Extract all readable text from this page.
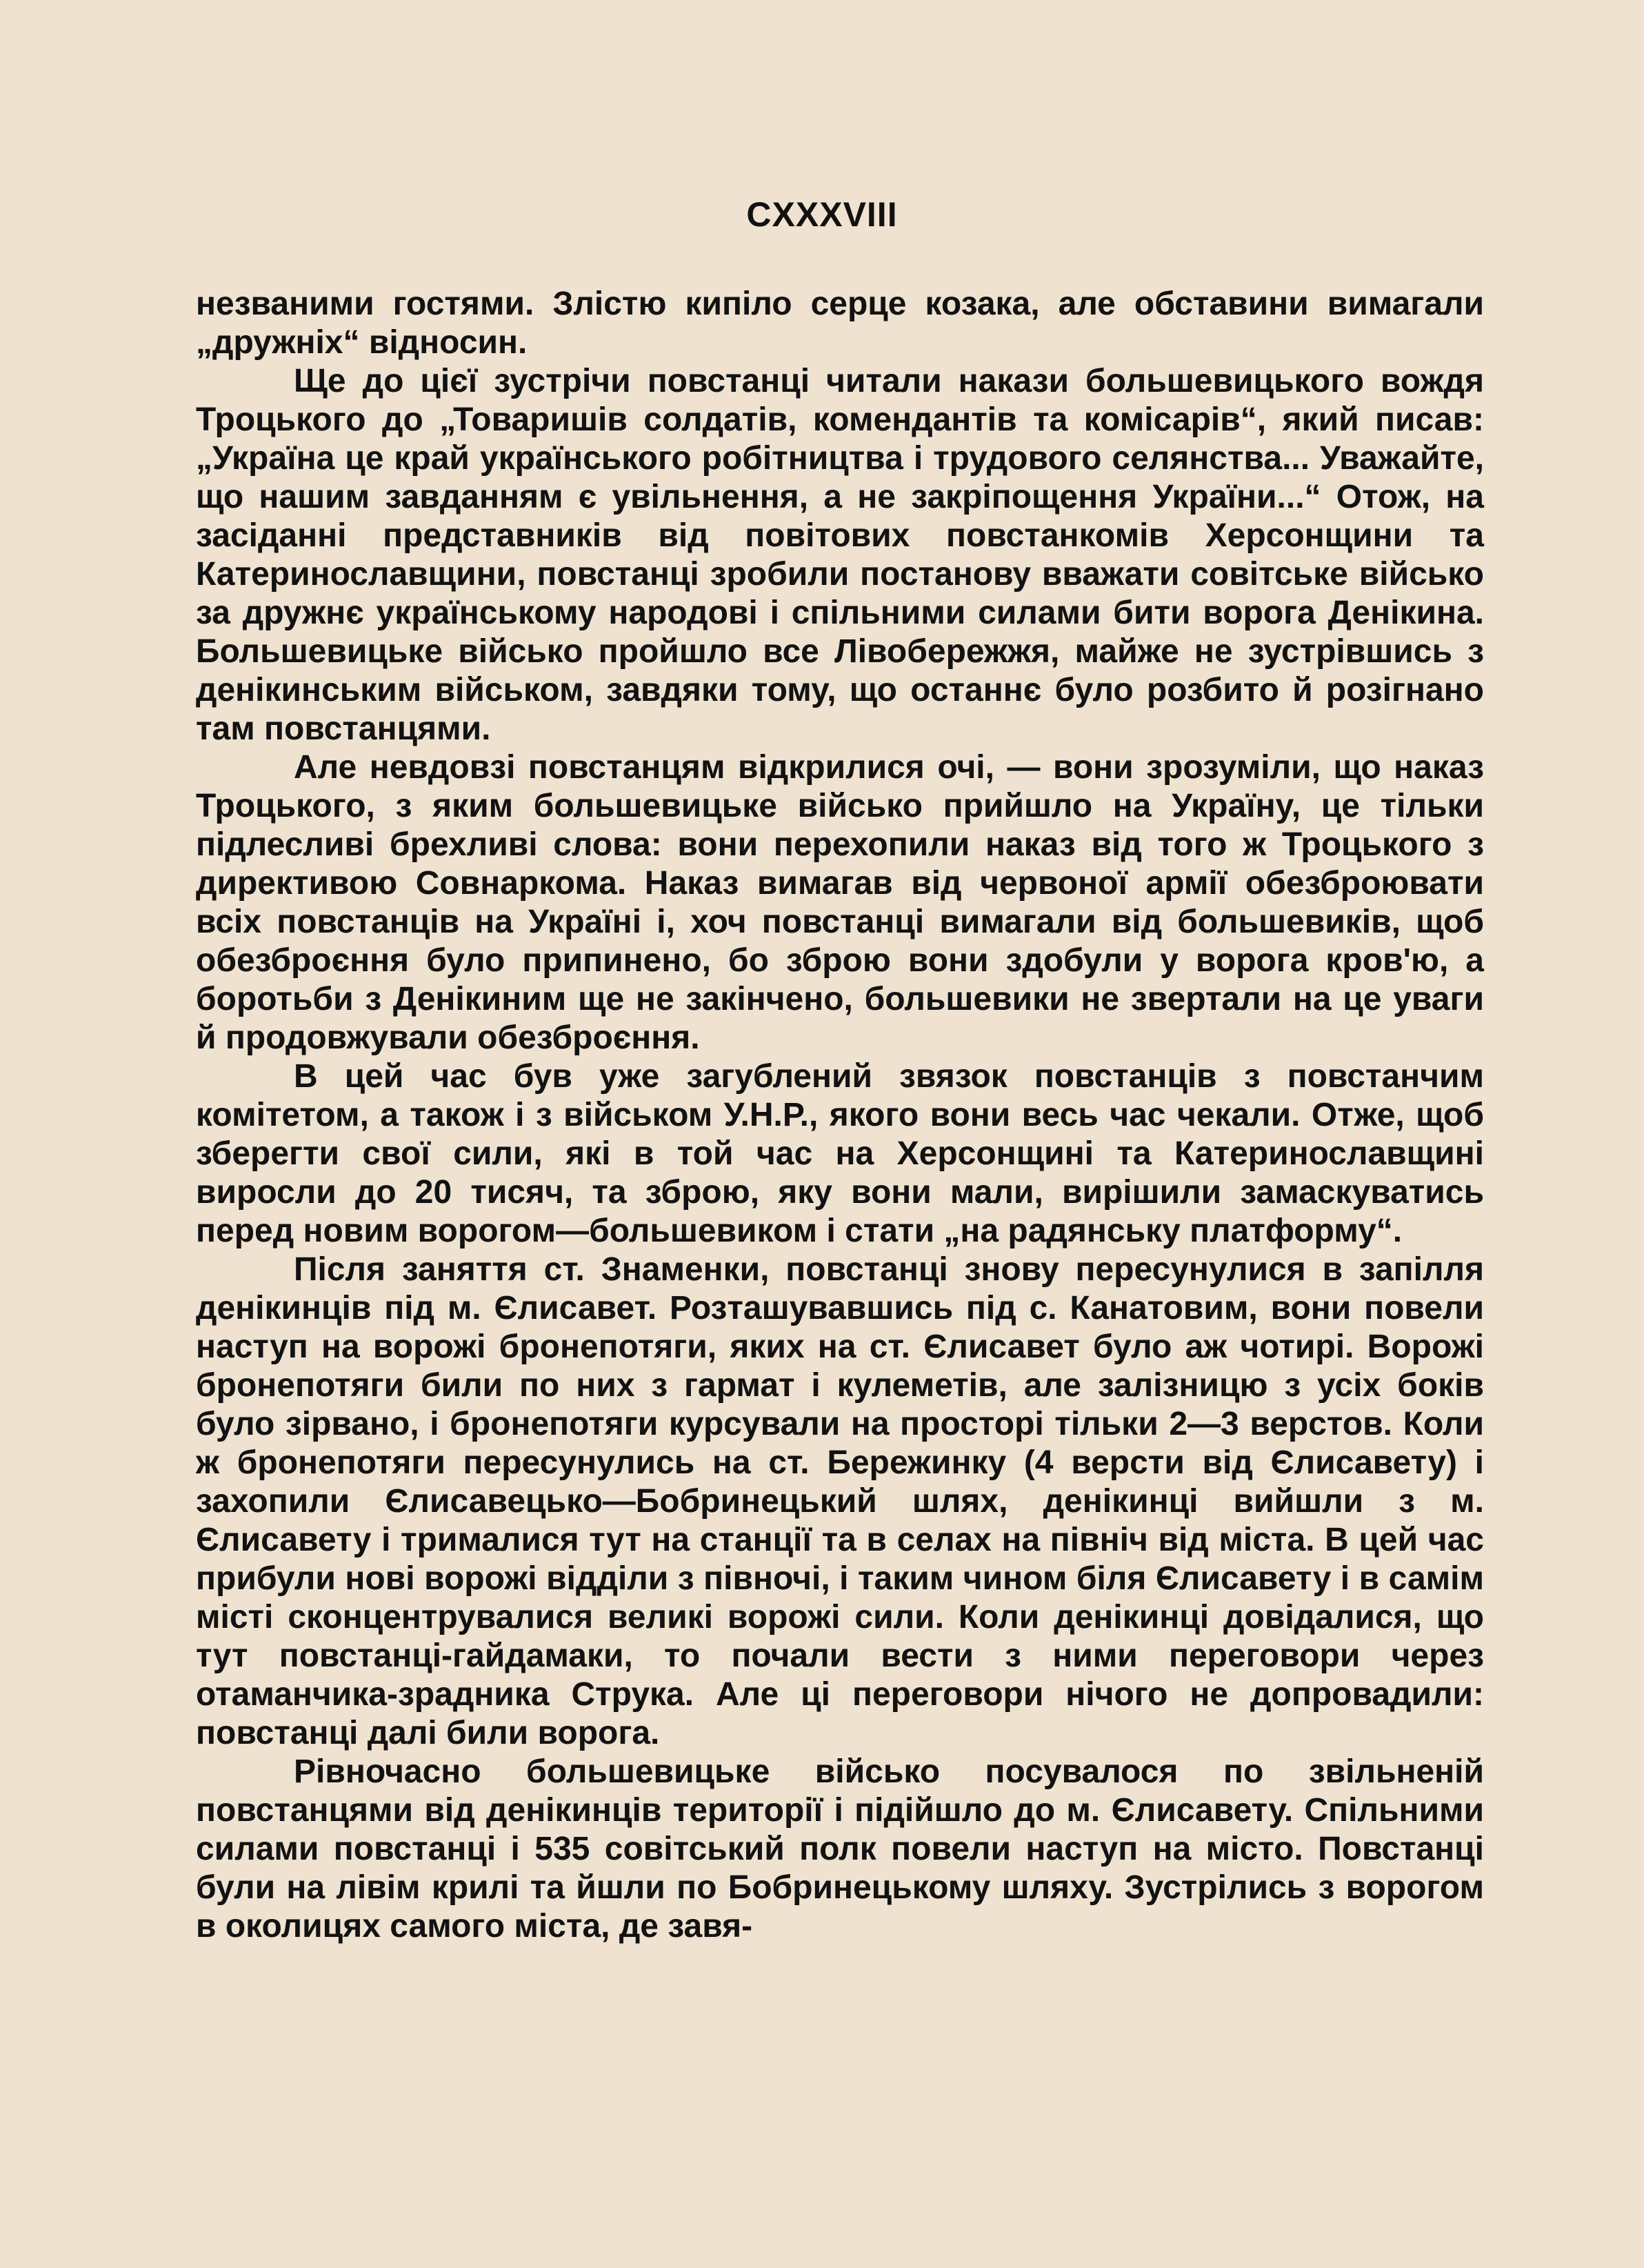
CXXXVIII

незваними гостями. Злістю кипіло серце козака, але обставини вимагали „дружніх“ відносин.

Ще до цієї зустрічи повстанці читали накази большевицького вождя Троцького до „Товаришів солдатів, комендантів та комісарів“, який писав: „Україна це край українського робітництва і трудового селянства... Уважайте, що нашим завданням є увільнення, а не закріпощення України...“ Отож, на засіданні представників від повітових повстанкомів Херсонщини та Катеринославщини, повстанці зробили постанову вважати совітське військо за дружнє українському народові і спільними силами бити ворога Денікина. Большевицьке військо пройшло все Лівобережжя, майже не зустрівшись з денікинським військом, завдяки тому, що останнє було розбито й розігнано там повстанцями.

Але невдовзі повстанцям відкрилися очі, — вони зрозуміли, що наказ Троцького, з яким большевицьке військо прийшло на Україну, це тільки підлесливі брехливі слова: вони перехопили наказ від того ж Троцького з директивою Совнаркома. Наказ вимагав від червоної армії обезброювати всіх повстанців на Україні і, хоч повстанці вимагали від большевиків, щоб обезброєння було припинено, бо зброю вони здобули у ворога кров'ю, а боротьби з Денікиним ще не закінчено, большевики не звертали на це уваги й продовжували обезброєння.

В цей час був уже загублений звязок повстанців з повстанчим комітетом, а також і з військом У.Н.Р., якого вони весь час чекали. Отже, щоб зберегти свої сили, які в той час на Херсонщині та Катеринославщині виросли до 20 тисяч, та зброю, яку вони мали, вирішили замаскуватись перед новим ворогом—большевиком і стати „на радянську платформу“.

Після заняття ст. Знаменки, повстанці знову пересунулися в запілля денікинців під м. Єлисавет. Розташувавшись під с. Канатовим, вони повели наступ на ворожі бронепотяги, яких на ст. Єлисавет було аж чотирі. Ворожі бронепотяги били по них з гармат і кулеметів, але залізницю з усіх боків було зірвано, і бронепотяги курсували на просторі тільки 2—3 верстов. Коли ж бронепотяги пересунулись на ст. Бережинку (4 версти від Єлисавету) і захопили Єлисавецько—Бобринецький шлях, денікинці вийшли з м. Єлисавету і трималися тут на станції та в селах на північ від міста. В цей час прибули нові ворожі відділи з півночі, і таким чином біля Єлисавету і в самім місті сконцентрувалися великі ворожі сили. Коли денікинці довідалися, що тут повстанці-гайдамаки, то почали вести з ними переговори через отаманчика-зрадника Струка. Але ці переговори нічого не допровадили: повстанці далі били ворога.

Рівночасно большевицьке військо посувалося по звільненій повстанцями від денікинців території і підійшло до м. Єлисавету. Спільними силами повстанці і 535 совітський полк повели наступ на місто. Повстанці були на лівім крилі та йшли по Бобринецькому шляху. Зустрілись з ворогом в околицях самого міста, де завя-
